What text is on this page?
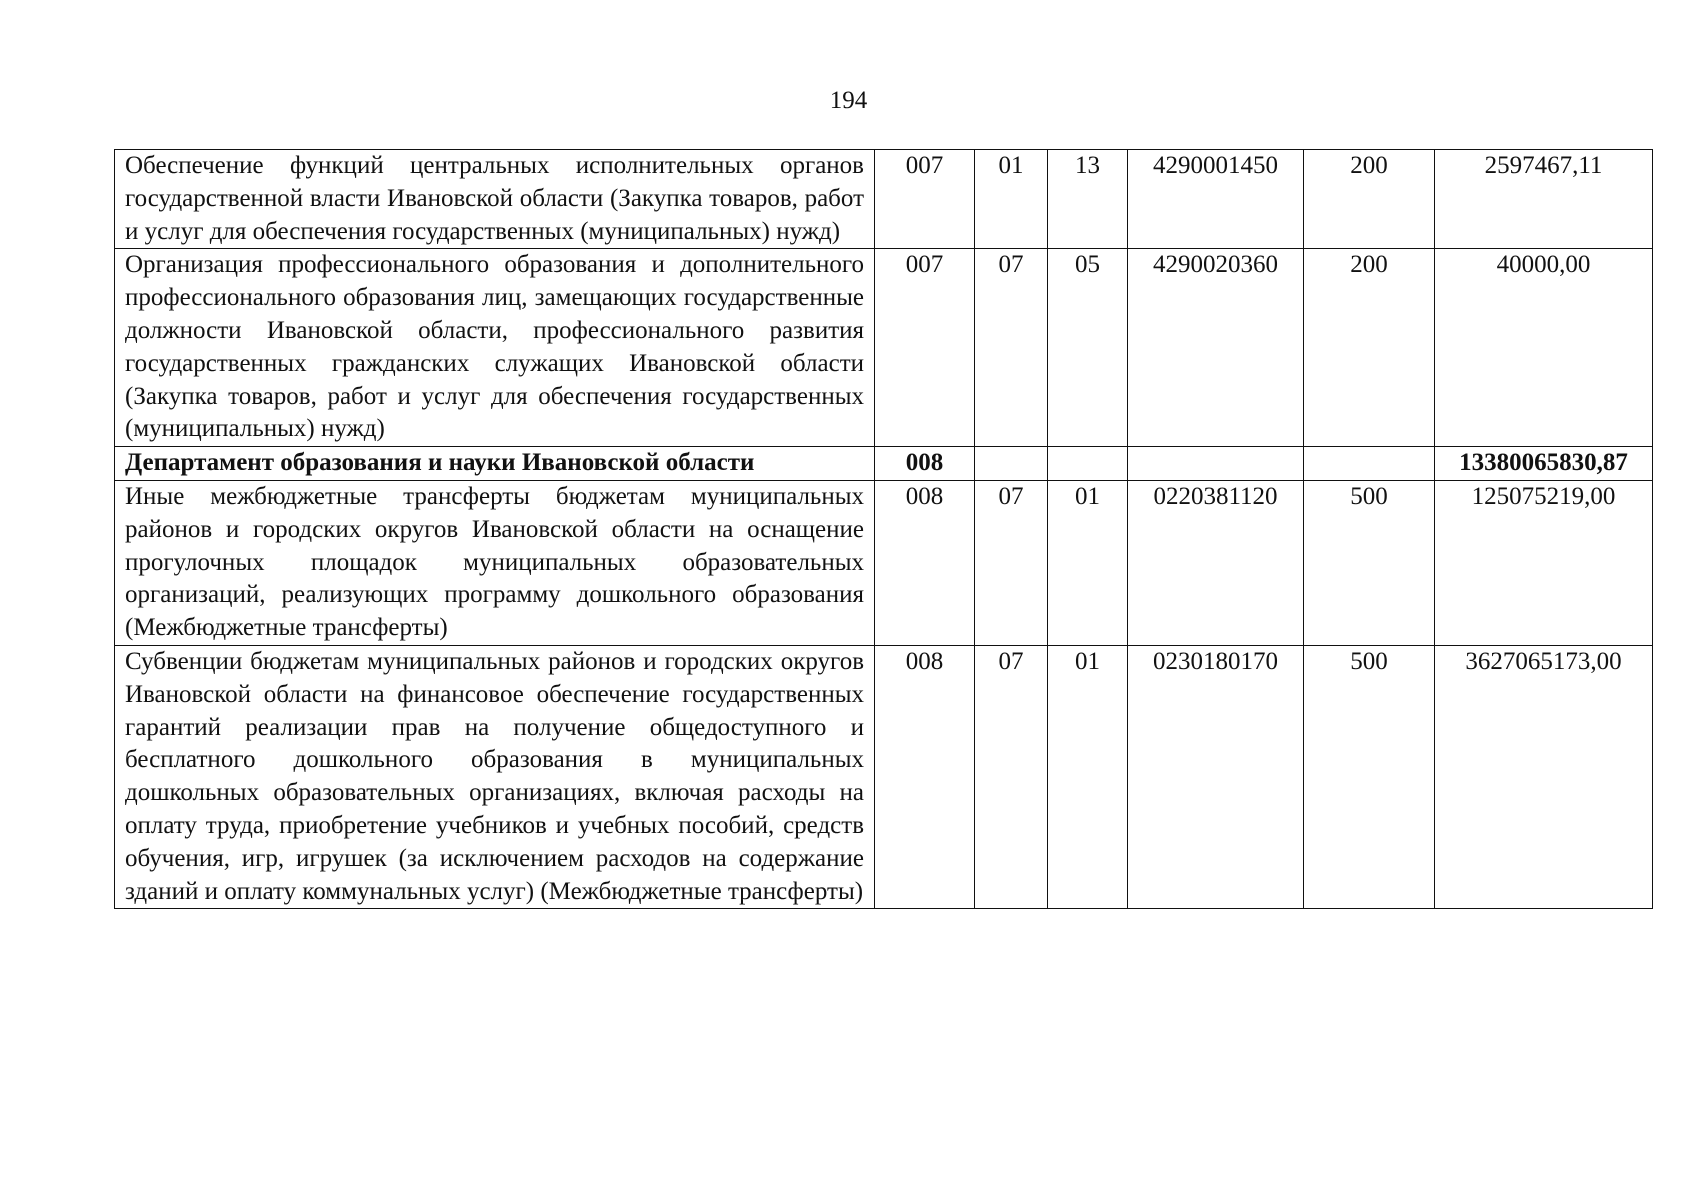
194
Обеспечение функций центральных исполнительных органов государственной власти Ивановской области (Закупка товаров, работ и услуг для обеспечения государственных (муниципальных) нужд)	007	01	13	4290001450	200	2597467,11
Организация профессионального образования и дополнительного профессионального образования лиц, замещающих государственные должности Ивановской области, профессионального развития государственных гражданских служащих Ивановской области (Закупка товаров, работ и услуг для обеспечения государственных (муниципальных) нужд)	007	07	05	4290020360	200	40000,00
Департамент образования и науки Ивановской области	008					13380065830,87
Иные межбюджетные трансферты бюджетам муниципальных районов и городских округов Ивановской области на оснащение прогулочных площадок муниципальных образовательных организаций, реализующих программу дошкольного образования (Межбюджетные трансферты)	008	07	01	0220381120	500	125075219,00
Субвенции бюджетам муниципальных районов и городских округов Ивановской области на финансовое обеспечение государственных гарантий реализации прав на получение общедоступного и бесплатного дошкольного образования в муниципальных дошкольных образовательных организациях, включая расходы на оплату труда, приобретение учебников и учебных пособий, средств обучения, игр, игрушек (за исключением расходов на содержание зданий и оплату коммунальных услуг) (Межбюджетные трансферты)	008	07	01	0230180170	500	3627065173,00
